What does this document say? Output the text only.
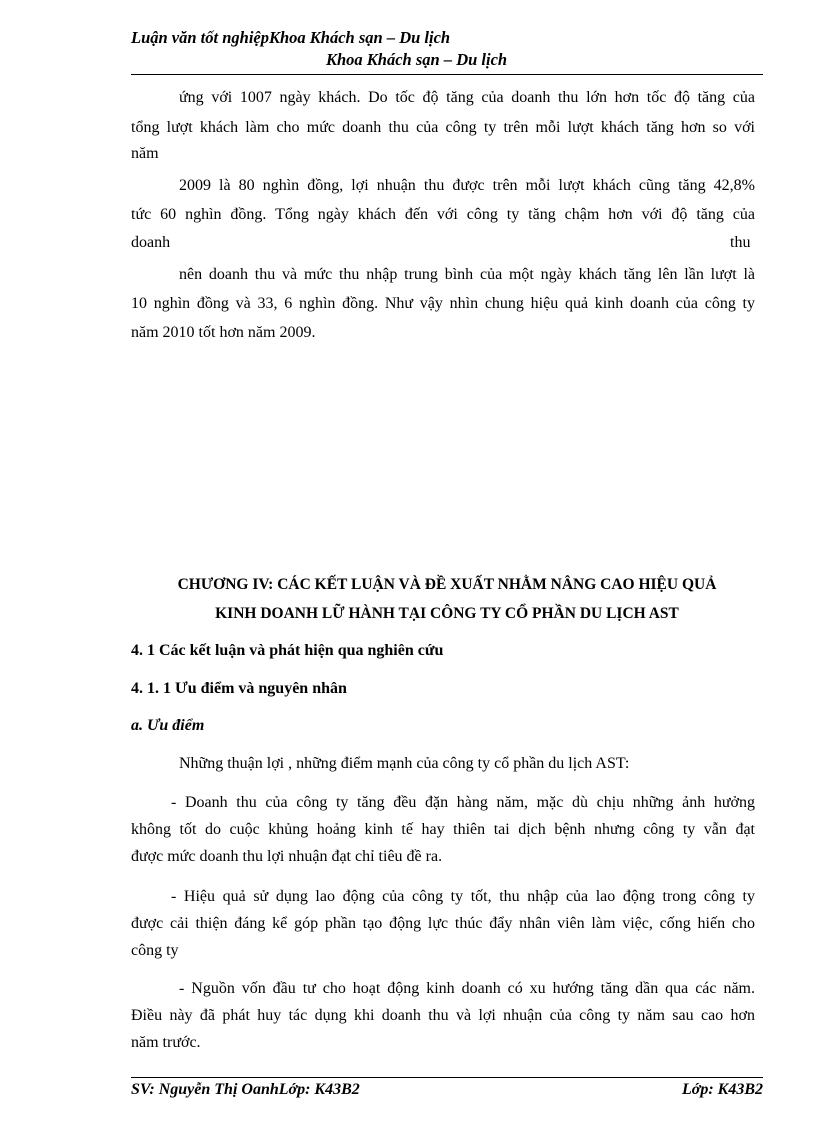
Luận văn tốt nghiệpKhoa Khách sạn – Du lịch
Khoa Khách sạn – Du lịch

ứng với 1007 ngày khách. Do tốc độ tăng của doanh thu lớn hơn tốc độ tăng của

tổng lượt khách làm cho mức doanh thu của công ty trên mỗi lượt khách tăng hơn so với

năm

2009 là 80 nghìn đồng, lợi nhuận thu được trên mỗi lượt khách cũng tăng 42,8%

tức 60 nghìn đồng. Tổng ngày khách đến với công ty tăng chậm hơn với độ tăng của

doanh	thu

nên doanh thu và mức thu nhập trung bình của một ngày khách tăng lên lần lượt là

10 nghìn đồng và 33, 6 nghìn đồng. Như vậy nhìn chung hiệu quả kinh doanh của công ty

năm 2010 tốt hơn năm 2009.

CHƯƠNG IV: CÁC KẾT LUẬN VÀ ĐỀ XUẤT NHẰM NÂNG CAO HIỆU QUẢ
KINH DOANH LỮ HÀNH TẠI CÔNG TY CỔ PHẦN DU LỊCH AST
4. 1 Các kết luận và phát hiện qua nghiên cứu
4. 1. 1 Ưu điểm và nguyên nhân
a. Ưu điểm

Những thuận lợi , những điểm mạnh của công ty cổ phần du lịch AST:

- Doanh thu của công ty tăng đều đặn hàng năm, mặc dù chịu những ảnh hưởng

không tốt do cuộc khủng hoảng kinh tế hay thiên tai dịch bệnh nhưng công ty vẫn đạt

được mức doanh thu lợi nhuận đạt chỉ tiêu đề ra.

- Hiệu quả sử dụng lao động của công ty tốt, thu nhập của lao động trong công ty

được cải thiện đáng kể góp phần tạo động lực thúc đẩy nhân viên làm việc, cống hiến cho

công ty

- Nguồn vốn đầu tư cho hoạt động kinh doanh có xu hướng tăng dần qua các năm.

Điều này đã phát huy tác dụng khi doanh thu và lợi nhuận của công ty năm sau cao hơn

năm trước.

SV: Nguyễn Thị OanhLớp: K43B2	Lớp: K43B2
